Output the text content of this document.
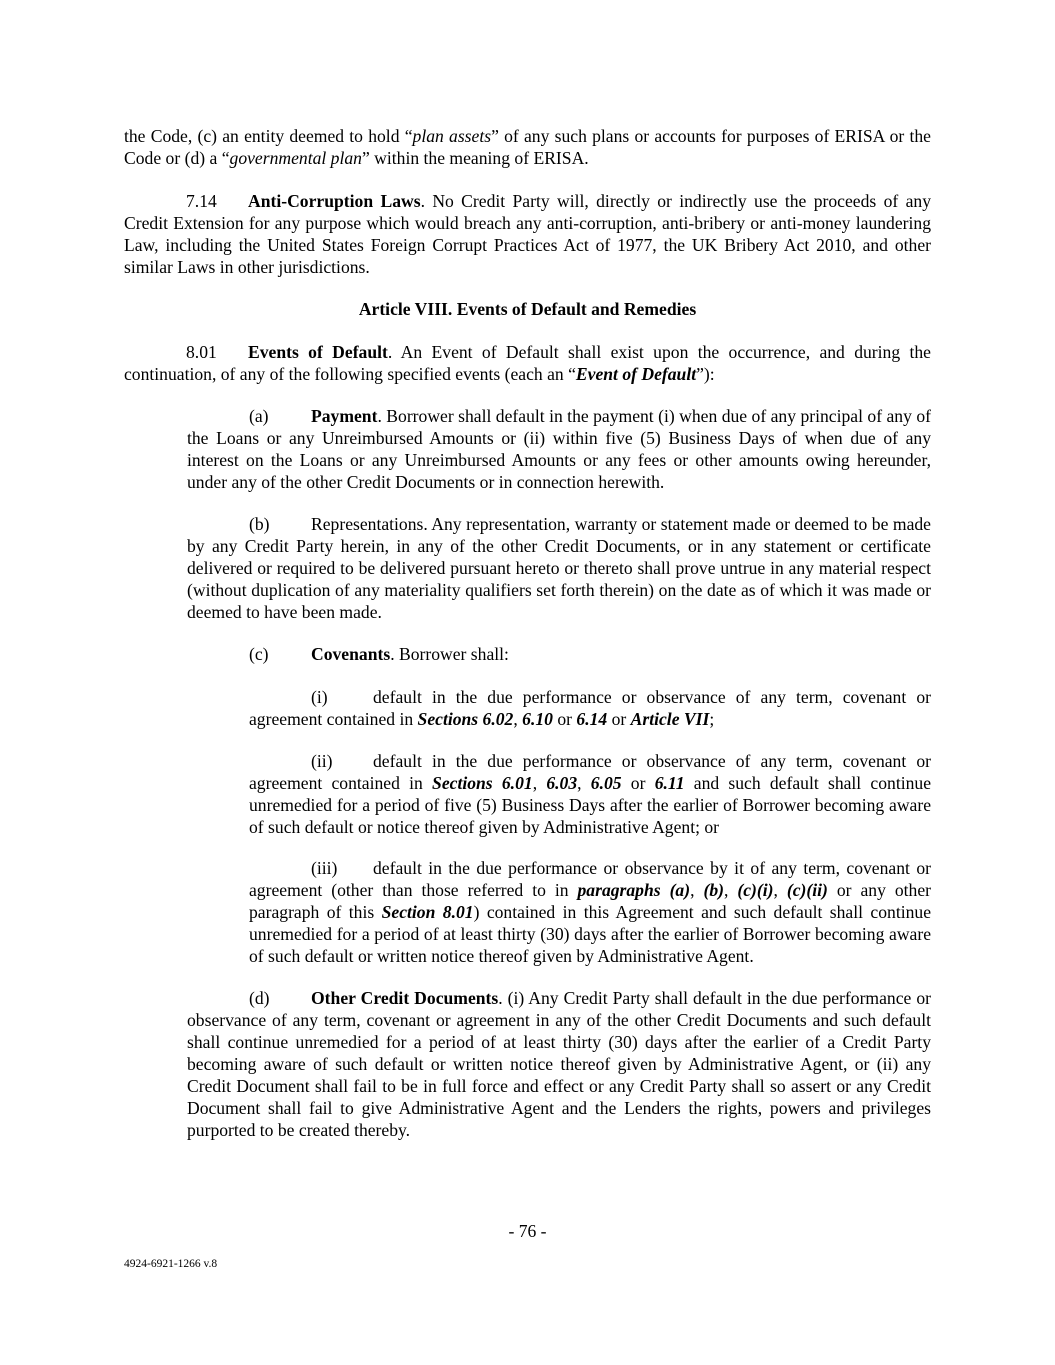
the Code, (c) an entity deemed to hold “plan assets” of any such plans or accounts for purposes of ERISA or the Code or (d) a “governmental plan” within the meaning of ERISA.

7.14 Anti-Corruption Laws. No Credit Party will, directly or indirectly use the proceeds of any Credit Extension for any purpose which would breach any anti-corruption, anti-bribery or anti-money laundering Law, including the United States Foreign Corrupt Practices Act of 1977, the UK Bribery Act 2010, and other similar Laws in other jurisdictions.

Article VIII. Events of Default and Remedies

8.01 Events of Default. An Event of Default shall exist upon the occurrence, and during the continuation, of any of the following specified events (each an “Event of Default”):

(a) Payment. Borrower shall default in the payment (i) when due of any principal of any of the Loans or any Unreimbursed Amounts or (ii) within five (5) Business Days of when due of any interest on the Loans or any Unreimbursed Amounts or any fees or other amounts owing hereunder, under any of the other Credit Documents or in connection herewith.

(b) Representations. Any representation, warranty or statement made or deemed to be made by any Credit Party herein, in any of the other Credit Documents, or in any statement or certificate delivered or required to be delivered pursuant hereto or thereto shall prove untrue in any material respect (without duplication of any materiality qualifiers set forth therein) on the date as of which it was made or deemed to have been made.

(c) Covenants. Borrower shall:

(i)	default in the due performance or observance of any term, covenant or agreement contained in Sections 6.02, 6.10 or 6.14 or Article VII;

(ii) default in the due performance or observance of any term, covenant or agreement contained in Sections 6.01, 6.03, 6.05 or 6.11 and such default shall continue unremedied for a period of five (5) Business Days after the earlier of Borrower becoming aware of such default or notice thereof given by Administrative Agent; or

(iii) default in the due performance or observance by it of any term, covenant or agreement (other than those referred to in paragraphs (a), (b), (c)(i), (c)(ii) or any other paragraph of this Section 8.01) contained in this Agreement and such default shall continue unremedied for a period of at least thirty (30) days after the earlier of Borrower becoming aware of such default or written notice thereof given by Administrative Agent.

(d) Other Credit Documents. (i) Any Credit Party shall default in the due performance or observance of any term, covenant or agreement in any of the other Credit Documents and such default shall continue unremedied for a period of at least thirty (30) days after the earlier of a Credit Party becoming aware of such default or written notice thereof given by Administrative Agent, or (ii) any Credit Document shall fail to be in full force and effect or any Credit Party shall so assert or any Credit Document shall fail to give Administrative Agent and the Lenders the rights, powers and privileges purported to be created thereby.

- 76 -
4924-6921-1266 v.8
